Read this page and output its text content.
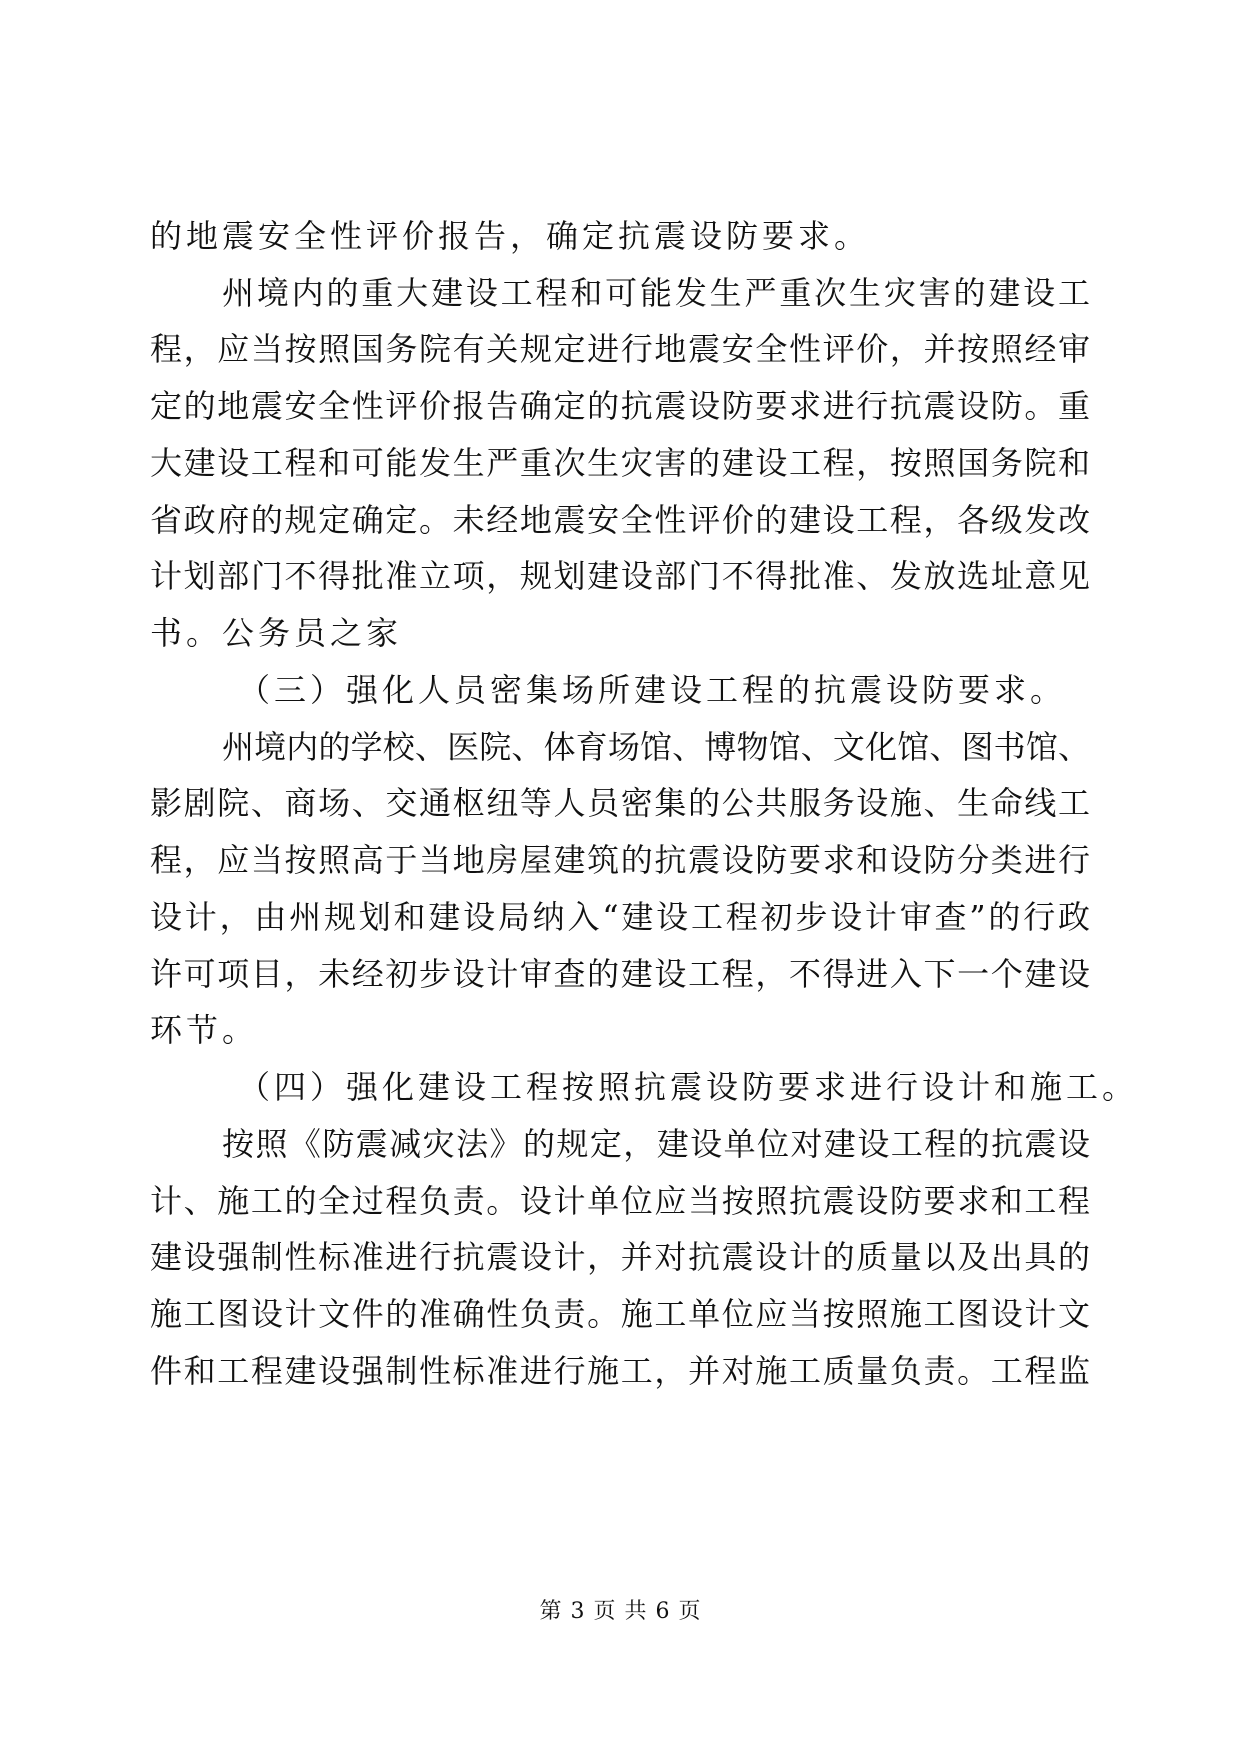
的地震安全性评价报告，确定抗震设防要求。
州境内的重大建设工程和可能发生严重次生灾害的建设工
程，应当按照国务院有关规定进行地震安全性评价，并按照经审
定的地震安全性评价报告确定的抗震设防要求进行抗震设防。重
大建设工程和可能发生严重次生灾害的建设工程，按照国务院和
省政府的规定确定。未经地震安全性评价的建设工程，各级发改
计划部门不得批准立项，规划建设部门不得批准、发放选址意见
书。公务员之家
（三）强化人员密集场所建设工程的抗震设防要求。
州境内的学校、医院、体育场馆、博物馆、文化馆、图书馆、
影剧院、商场、交通枢纽等人员密集的公共服务设施、生命线工
程，应当按照高于当地房屋建筑的抗震设防要求和设防分类进行
设计，由州规划和建设局纳入“建设工程初步设计审查”的行政
许可项目，未经初步设计审查的建设工程，不得进入下一个建设
环节。
（四）强化建设工程按照抗震设防要求进行设计和施工。
按照《防震减灾法》的规定，建设单位对建设工程的抗震设
计、施工的全过程负责。设计单位应当按照抗震设防要求和工程
建设强制性标准进行抗震设计，并对抗震设计的质量以及出具的
施工图设计文件的准确性负责。施工单位应当按照施工图设计文
件和工程建设强制性标准进行施工，并对施工质量负责。工程监
第 3 页 共 6 页
